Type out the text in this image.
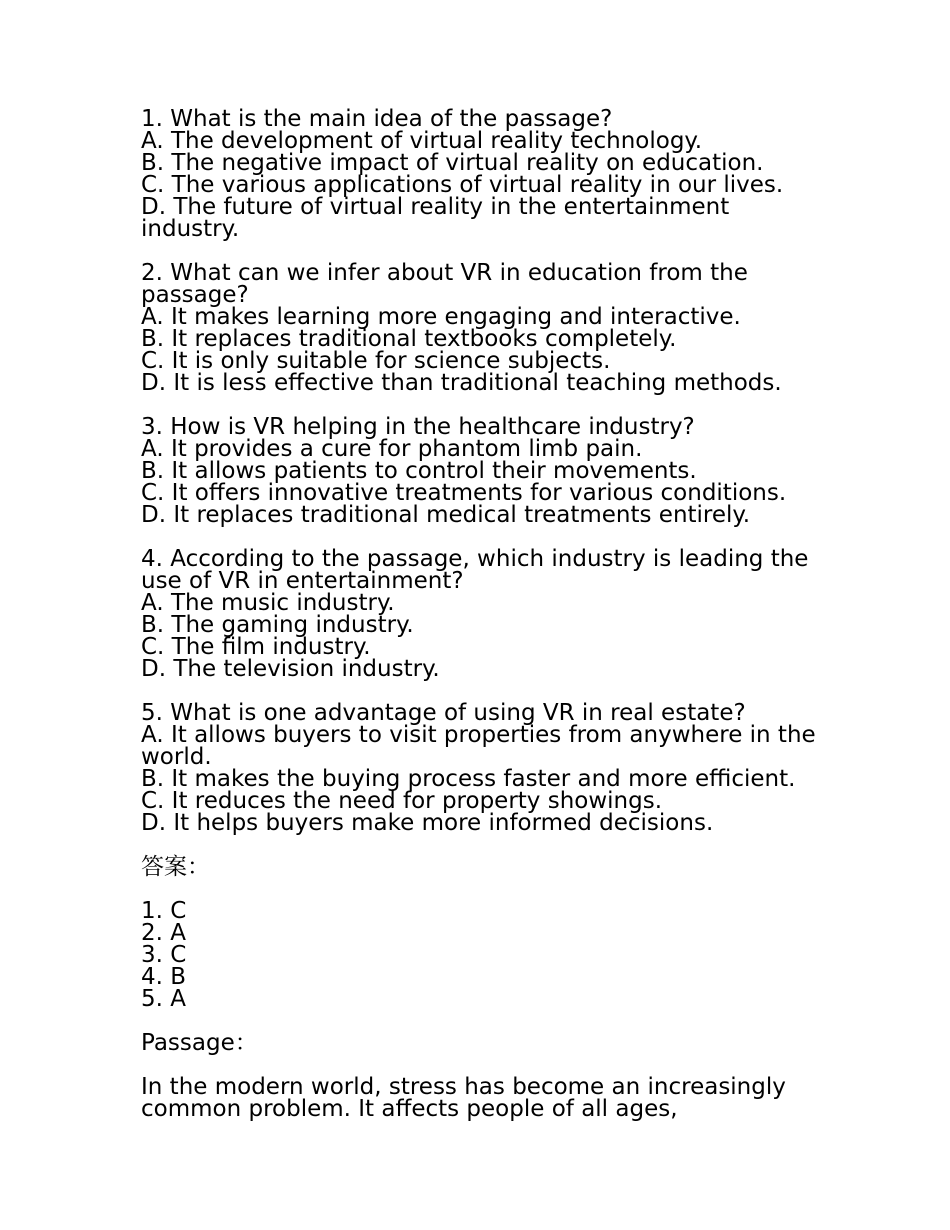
1. What is the main idea of the passage?
A. The development of virtual reality technology.
B. The negative impact of virtual reality on education.
C. The various applications of virtual reality in our lives.
D. The future of virtual reality in the entertainment industry.
2. What can we infer about VR in education from the passage?
A. It makes learning more engaging and interactive.
B. It replaces traditional textbooks completely.
C. It is only suitable for science subjects.
D. It is less effective than traditional teaching methods.
3. How is VR helping in the healthcare industry?
A. It provides a cure for phantom limb pain.
B. It allows patients to control their movements.
C. It offers innovative treatments for various conditions.
D. It replaces traditional medical treatments entirely.
4. According to the passage, which industry is leading the use of VR in entertainment?
A. The music industry.
B. The gaming industry.
C. The film industry.
D. The television industry.
5. What is one advantage of using VR in real estate?
A. It allows buyers to visit properties from anywhere in the world.
B. It makes the buying process faster and more efficient.
C. It reduces the need for property showings.
D. It helps buyers make more informed decisions.
答案：
1. C
2. A
3. C
4. B
5. A
Passage：
In the modern world, stress has become an increasingly common problem. It affects people of all ages,
